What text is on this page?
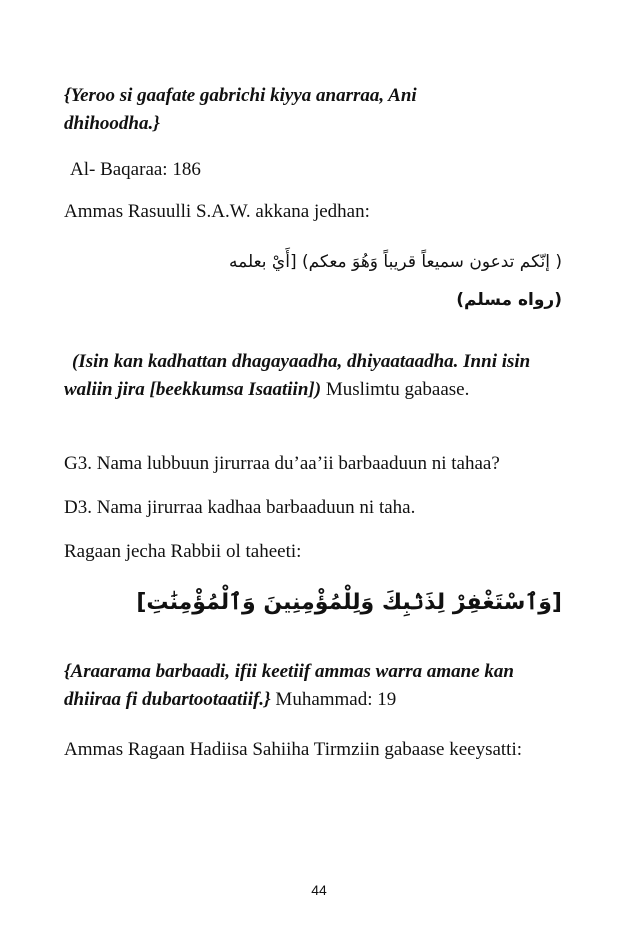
{Yeroo si gaafate gabrichi kiyya anarraa, Ani dhihoodha.}
Al- Baqaraa: 186
Ammas Rasuulli S.A.W. akkana jedhan:
( إنّكم تدعون سميعاً قريباً وَهُوَ معكم) [أَيْ بعلمه
(رواه مسلم)
(Isin kan kadhattan dhagayaadha, dhiyaataadha. Inni isin waliin jira [beekkumsa Isaatiin]) Muslimtu gabaase.
G3. Nama lubbuun jirurraa du’aa’ii barbaaduun ni tahaa?
D3. Nama jirurraa kadhaa barbaaduun ni taha.
Ragaan jecha Rabbii ol taheeti:
[وَٱسْتَغْفِرْ لِذَنۢبِكَ وَلِلْمُؤْمِنِينَ وَٱلْمُؤْمِنَٰتِ]
{Araarama barbaadi, ifii keetiif ammas warra amane kan dhiiraa fi dubartootaatiif.} Muhammad: 19
Ammas Ragaan Hadiisa Sahiiha Tirmziin gabaase keeysatti:
44
